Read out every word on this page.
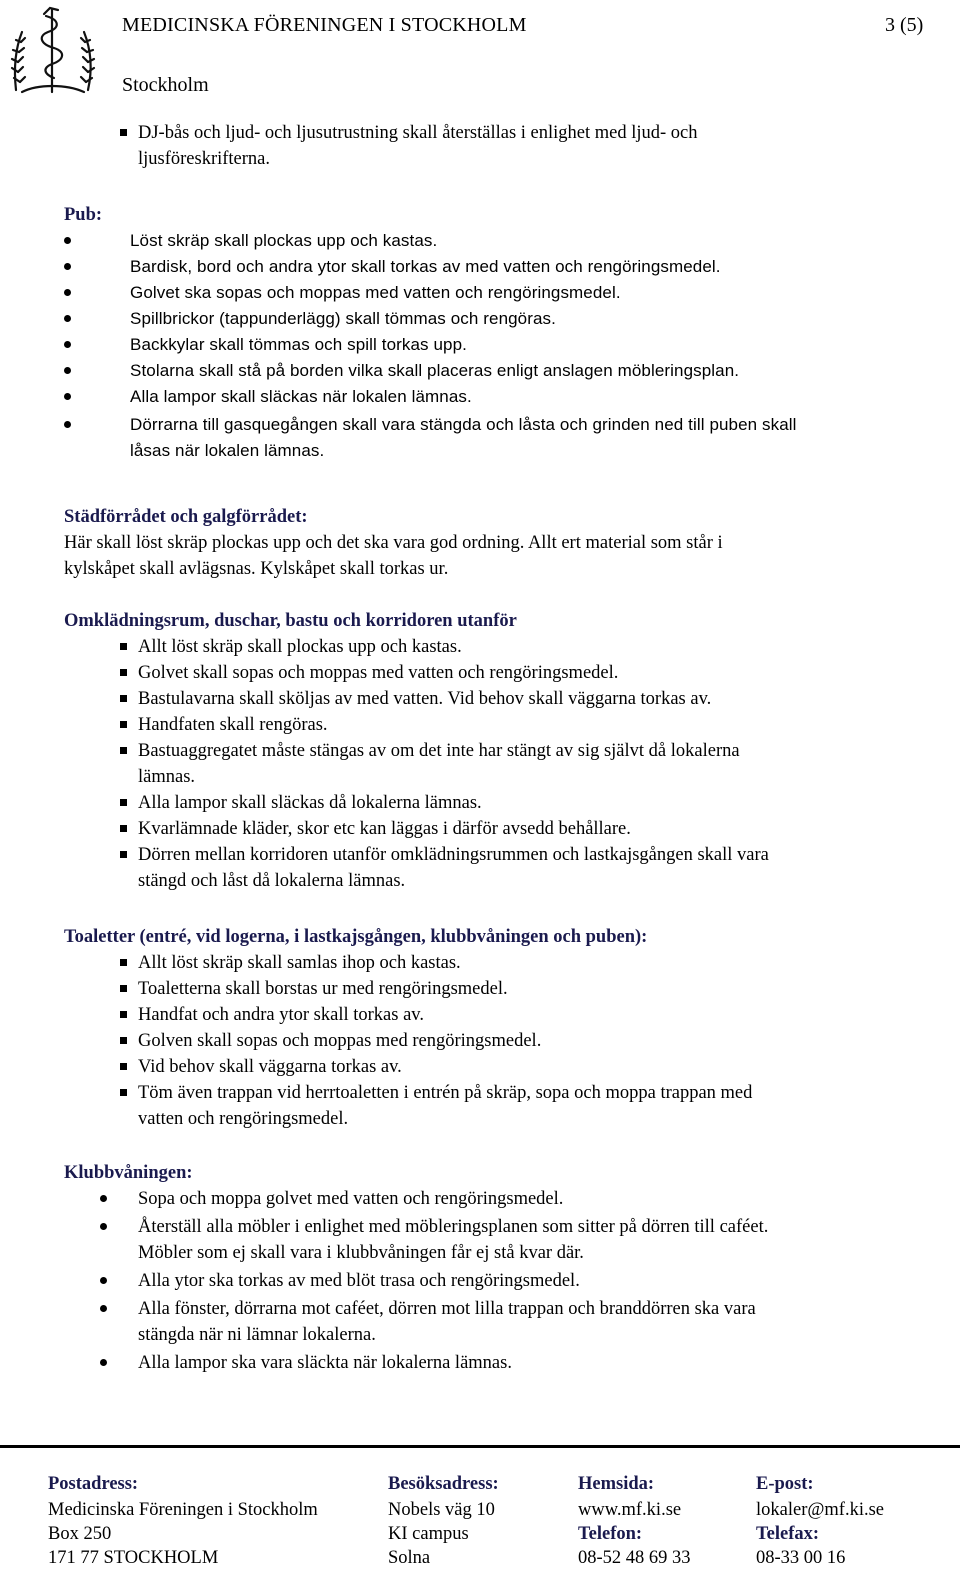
MEDICINSKA FÖRENINGEN I STOCKHOLM	3 (5)
Stockholm
DJ-bås och ljud- och ljusutrustning skall återställas i enlighet med ljud- och
ljusföreskrifterna.
Pub:
Löst skräp skall plockas upp och kastas.
Bardisk, bord och andra ytor skall torkas av med vatten och rengöringsmedel.
Golvet ska sopas och moppas med vatten och rengöringsmedel.
Spillbrickor (tappunderlägg) skall tömmas och rengöras.
Backkylar skall tömmas och spill torkas upp.
Stolarna skall stå på borden vilka skall placeras enligt anslagen möbleringsplan.
Alla lampor skall släckas när lokalen lämnas.
Dörrarna till gasquegången skall vara stängda och låsta och grinden ned till puben skall
låsas när lokalen lämnas.
Städförrådet och galgförrådet:
Här skall löst skräp plockas upp och det ska vara god ordning. Allt ert material som står i
kylskåpet skall avlägsnas. Kylskåpet skall torkas ur.
Omklädningsrum, duschar, bastu och korridoren utanför
Allt löst skräp skall plockas upp och kastas.
Golvet skall sopas och moppas med vatten och rengöringsmedel.
Bastulavarna skall sköljas av med vatten. Vid behov skall väggarna torkas av.
Handfaten skall rengöras.
Bastuaggregatet måste stängas av om det inte har stängt av sig självt då lokalerna
lämnas.
Alla lampor skall släckas då lokalerna lämnas.
Kvarlämnade kläder, skor etc kan läggas i därför avsedd behållare.
Dörren mellan korridoren utanför omklädningsrummen och lastkajsgången skall vara
stängd och låst då lokalerna lämnas.
Toaletter (entré, vid logerna, i lastkajsgången, klubbvåningen och puben):
Allt löst skräp skall samlas ihop och kastas.
Toaletterna skall borstas ur med rengöringsmedel.
Handfat och andra ytor skall torkas av.
Golven skall sopas och moppas med rengöringsmedel.
Vid behov skall väggarna torkas av.
Töm även trappan vid herrtoaletten i entrén på skräp, sopa och moppa trappan med
vatten och rengöringsmedel.
Klubbvåningen:
Sopa och moppa golvet med vatten och rengöringsmedel.
Återställ alla möbler i enlighet med möbleringsplanen som sitter på dörren till caféet.
Möbler som ej skall vara i klubbvåningen får ej stå kvar där.
Alla ytor ska torkas av med blöt trasa och rengöringsmedel.
Alla fönster, dörrarna mot caféet, dörren mot lilla trappan och branddörren ska vara
stängda när ni lämnar lokalerna.
Alla lampor ska vara släckta när lokalerna lämnas.
Postadress:
Medicinska Föreningen i Stockholm
Box 250
171 77 STOCKHOLM
Besöksadress:
Nobels väg 10
KI campus
Solna
Hemsida:
www.mf.ki.se
Telefon:
08-52 48 69 33
E-post:
lokaler@mf.ki.se
Telefax:
08-33 00 16
